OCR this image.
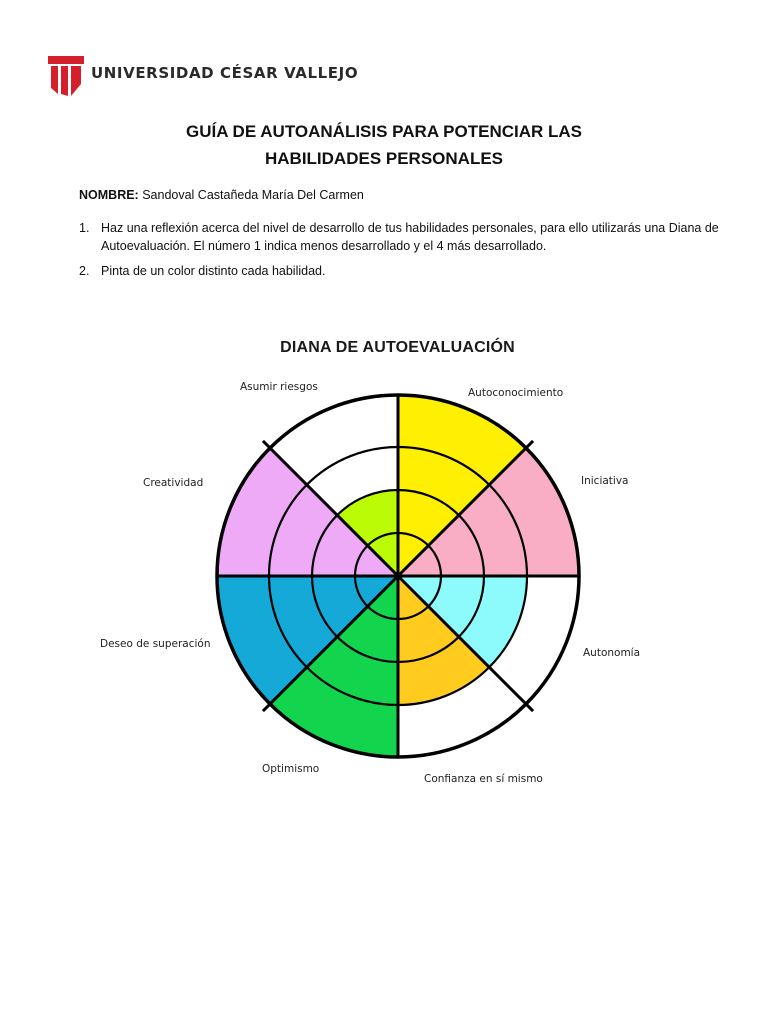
UNIVERSIDAD CÉSAR VALLEJO
GUÍA DE AUTOANÁLISIS PARA POTENCIAR LAS
HABILIDADES PERSONALES
NOMBRE: Sandoval Castañeda María Del Carmen
1. Haz una reflexión acerca del nivel de desarrollo de tus habilidades personales, para ello utilizarás una Diana de Autoevaluación. El número 1 indica menos desarrollado y el 4 más desarrollado.
2. Pinta de un color distinto cada habilidad.
DIANA DE AUTOEVALUACIÓN
Asumir riesgos	Autoconocimiento
Creatividad	Iniciativa
Deseo de superación
Autonomía
Optimismo
Confianza en sí mismo
